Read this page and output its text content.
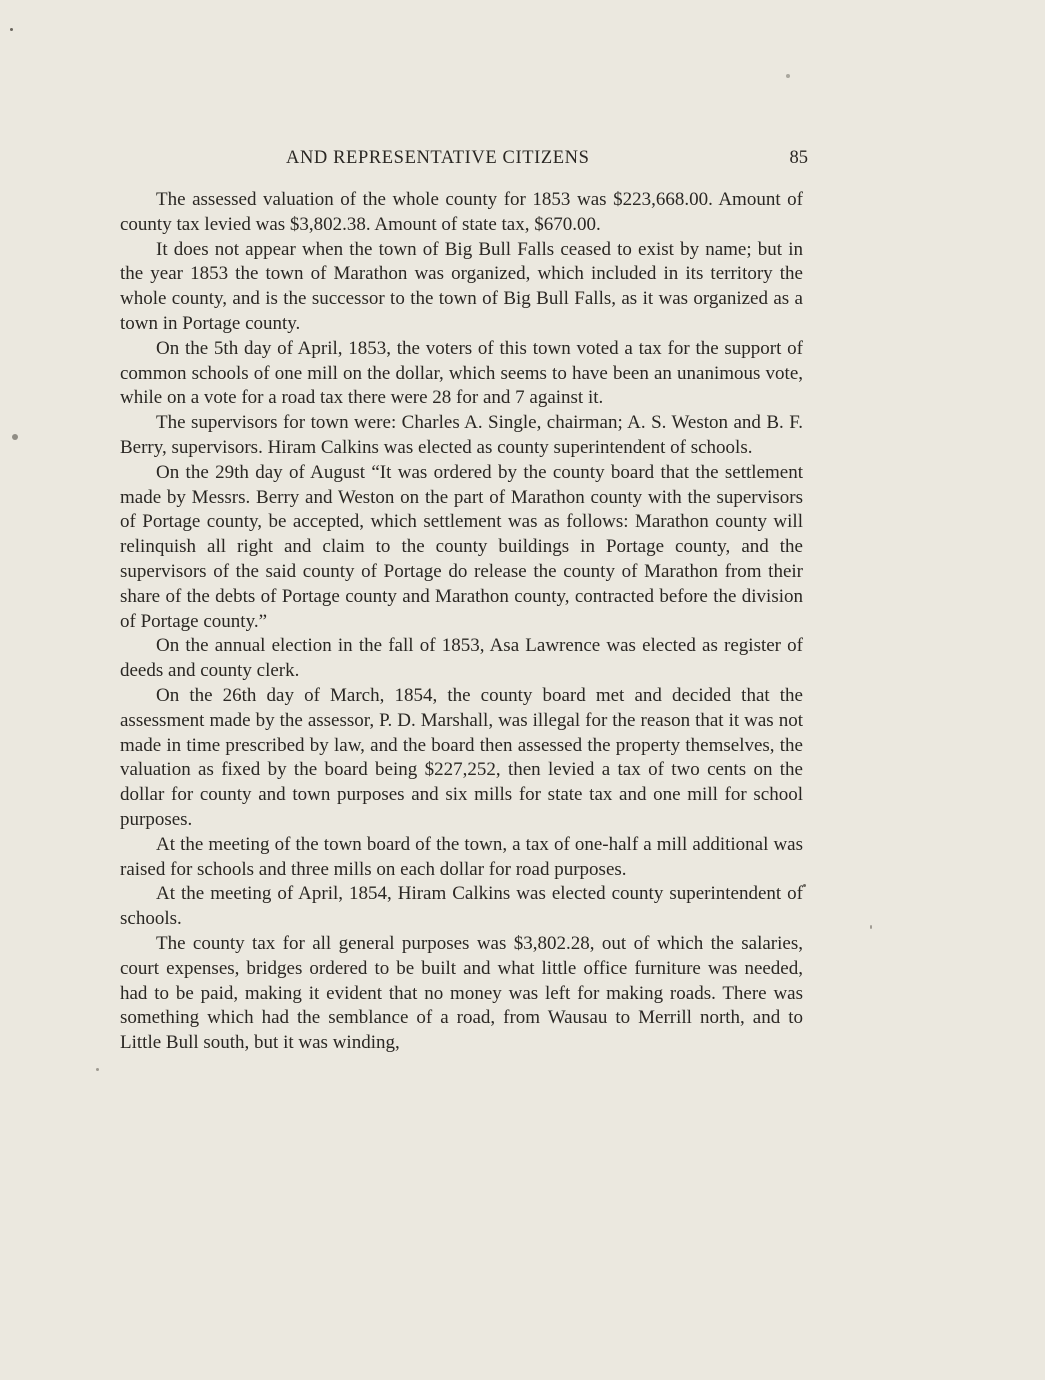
AND REPRESENTATIVE CITIZENS	85

The assessed valuation of the whole county for 1853 was $223,668.00. Amount of county tax levied was $3,802.38. Amount of state tax, $670.00.

It does not appear when the town of Big Bull Falls ceased to exist by name; but in the year 1853 the town of Marathon was organized, which included in its territory the whole county, and is the successor to the town of Big Bull Falls, as it was organized as a town in Portage county.

On the 5th day of April, 1853, the voters of this town voted a tax for the support of common schools of one mill on the dollar, which seems to have been an unanimous vote, while on a vote for a road tax there were 28 for and 7 against it.

The supervisors for town were: Charles A. Single, chairman; A. S. Weston and B. F. Berry, supervisors. Hiram Calkins was elected as county superintendent of schools.

On the 29th day of August “It was ordered by the county board that the settlement made by Messrs. Berry and Weston on the part of Marathon county with the supervisors of Portage county, be accepted, which settlement was as follows: Marathon county will relinquish all right and claim to the county buildings in Portage county, and the supervisors of the said county of Portage do release the county of Marathon from their share of the debts of Portage county and Marathon county, contracted before the division of Portage county.”

On the annual election in the fall of 1853, Asa Lawrence was elected as register of deeds and county clerk.

On the 26th day of March, 1854, the county board met and decided that the assessment made by the assessor, P. D. Marshall, was illegal for the reason that it was not made in time prescribed by law, and the board then assessed the property themselves, the valuation as fixed by the board being $227,252, then levied a tax of two cents on the dollar for county and town purposes and six mills for state tax and one mill for school purposes.

At the meeting of the town board of the town, a tax of one-half a mill additional was raised for schools and three mills on each dollar for road purposes.

At the meeting of April, 1854, Hiram Calkins was elected county superintendent of schools.

The county tax for all general purposes was $3,802.28, out of which the salaries, court expenses, bridges ordered to be built and what little office furniture was needed, had to be paid, making it evident that no money was left for making roads. There was something which had the semblance of a road, from Wausau to Merrill north, and to Little Bull south, but it was winding,
